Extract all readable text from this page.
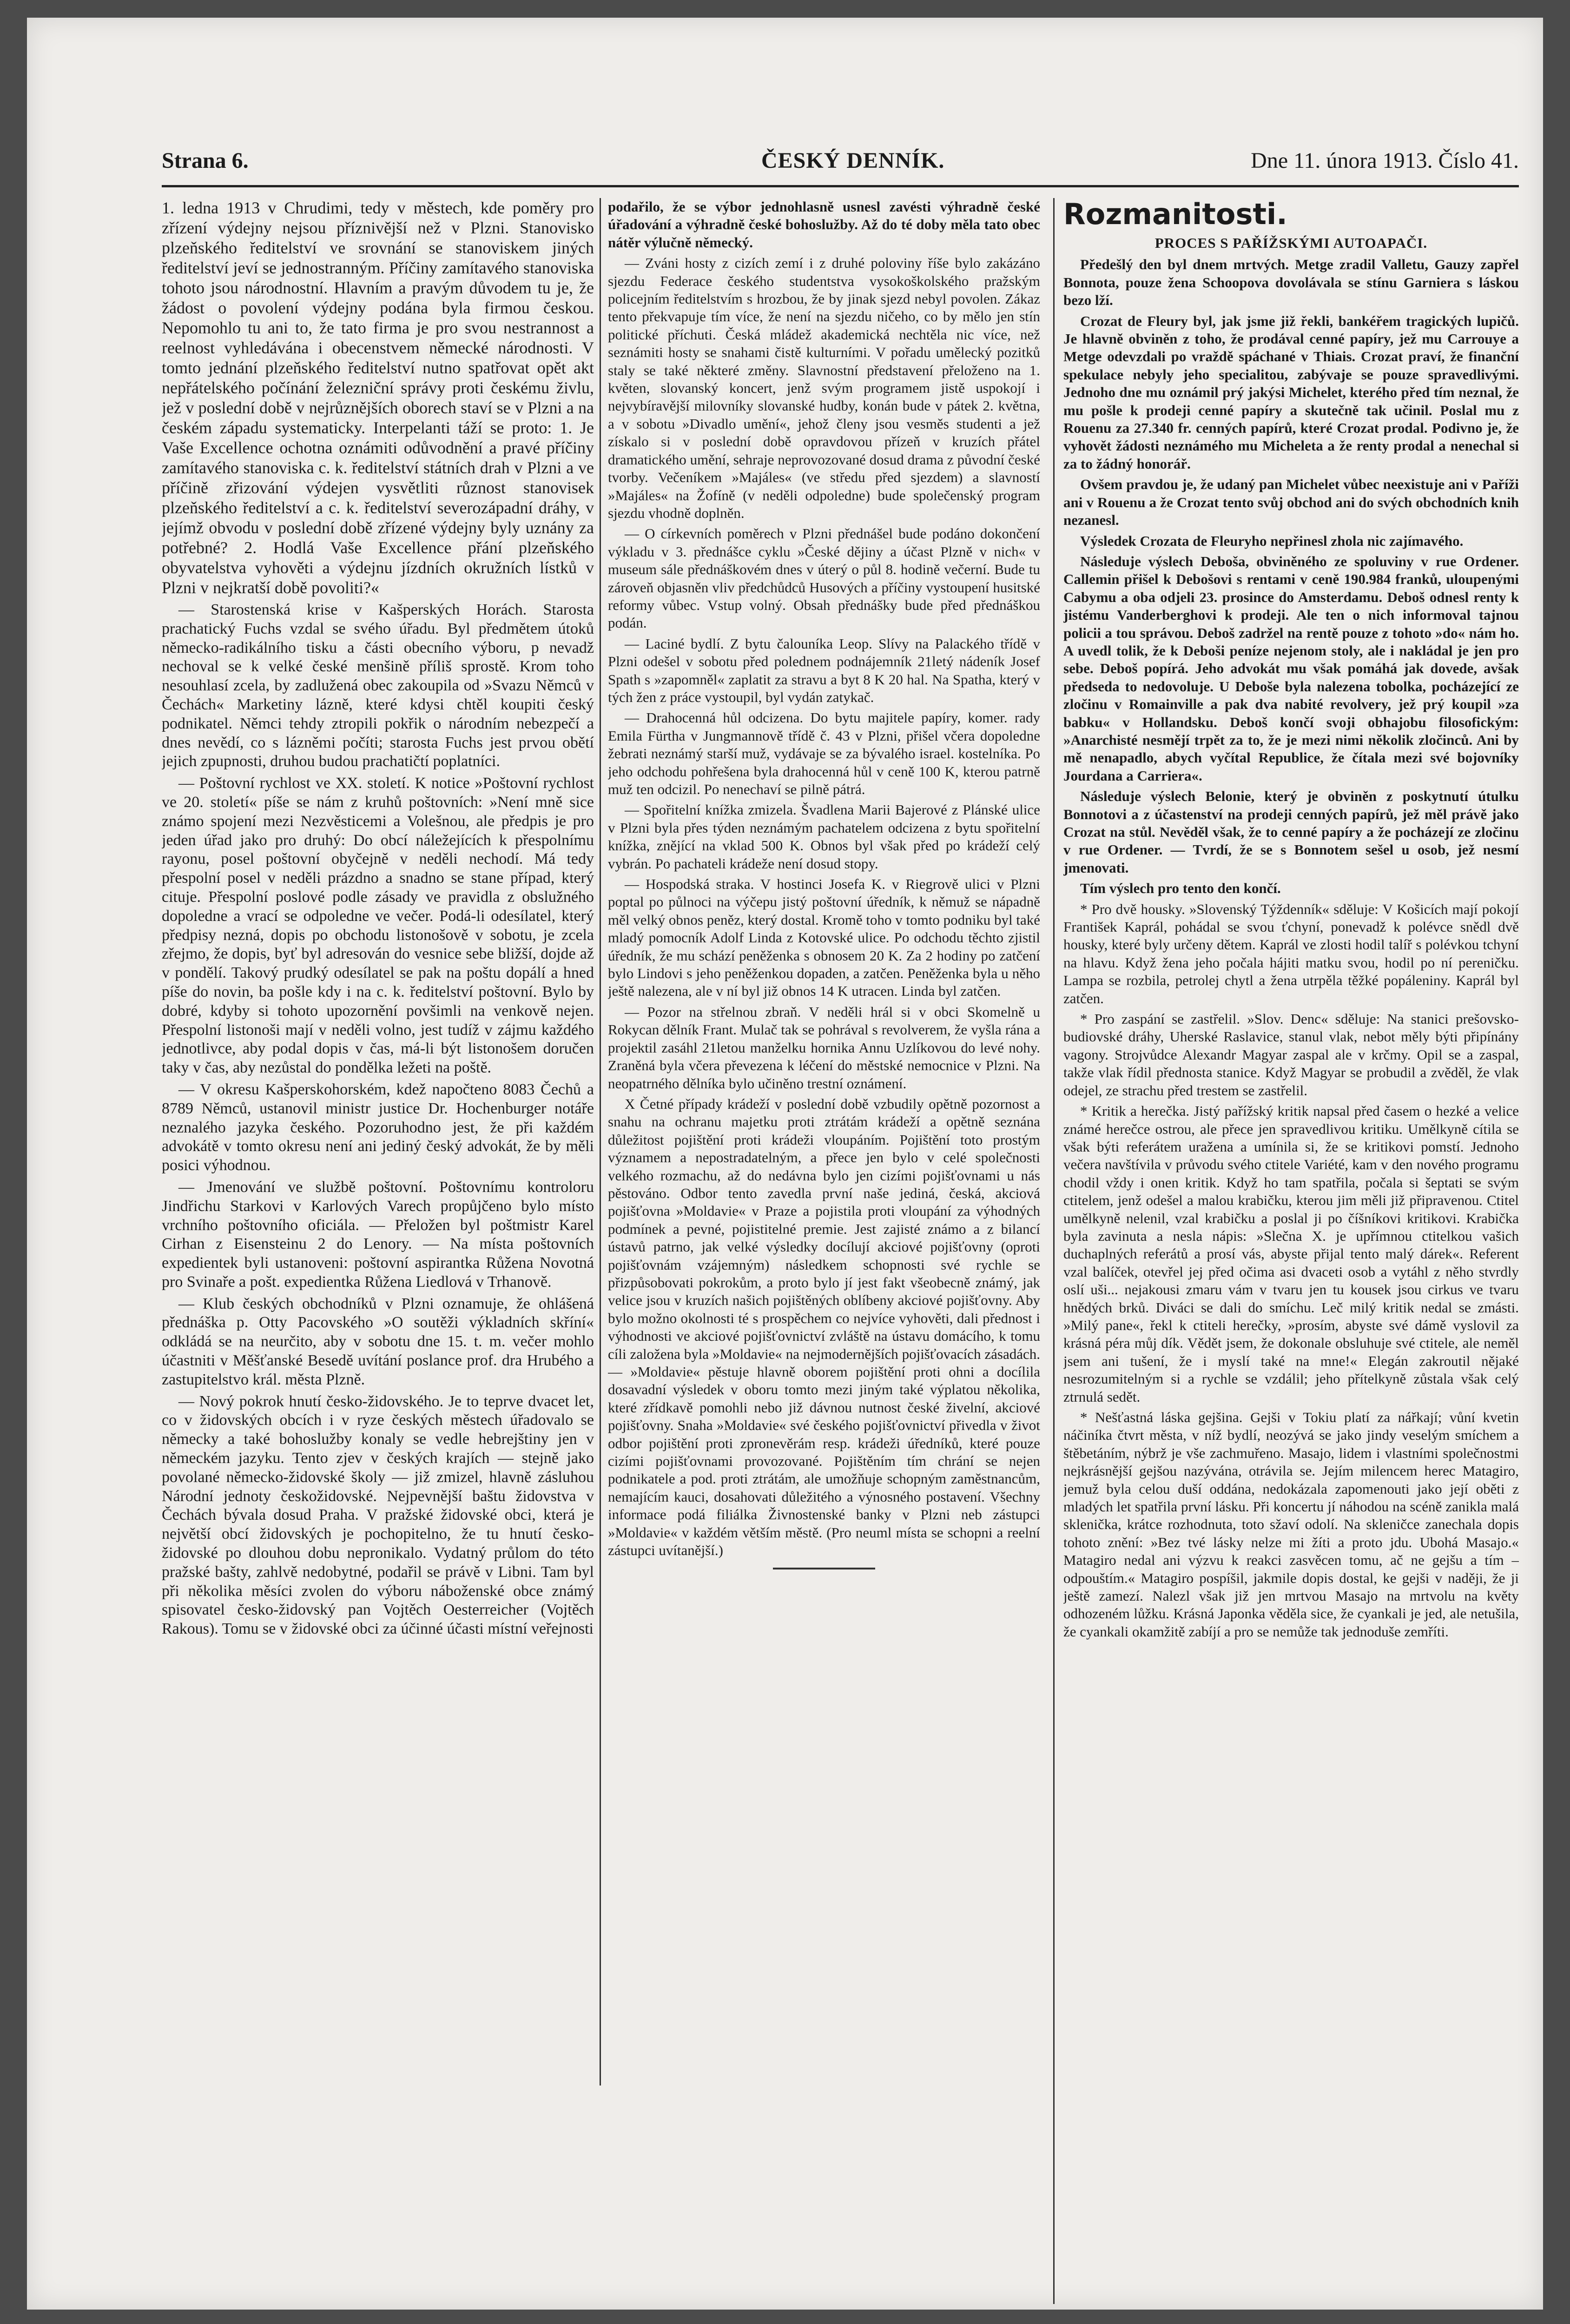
Strana 6.	ČESKÝ DENNÍK.	Dne 11. února 1913. Číslo 41.

1. ledna 1913 v Chrudimi, tedy v městech, kde poměry pro zřízení výdejny nejsou příznivější než v Plzni. Stanovisko plzeňského ředitelství ve srovnání se stanoviskem jiných ředitelství jeví se jednostranným. Příčiny zamítavého stanoviska tohoto jsou národnostní. Hlavním a pravým důvodem tu je, že žádost o povolení výdejny podána byla firmou českou. Nepomohlo tu ani to, že tato firma je pro svou nestrannost a reelnost vyhledávána i obecenstvem německé národnosti. V tomto jednání plzeňského ředitelství nutno spatřovat opět akt nepřátelského počínání železniční správy proti českému živlu, jež v poslední době v nejrůznějších oborech staví se v Plzni a na českém západu systematicky. Interpelanti táží se proto: 1. Je Vaše Excellence ochotna oznámiti odůvodnění a pravé příčiny zamítavého stanoviska c. k. ředitelství státních drah v Plzni a ve příčině zřizování výdejen vysvětliti různost stanovisek plzeňského ředitelství a c. k. ředitelství severozápadní dráhy, v jejímž obvodu v poslední době zřízené výdejny byly uznány za potřebné? 2. Hodlá Vaše Excellence přání plzeňského obyvatelstva vyhověti a výdejnu jízdních okružních lístků v Plzni v nejkratší době povoliti?«

— Starostenská krise v Kašperských Horách. Starosta prachatický Fuchs vzdal se svého úřadu. Byl předmětem útoků německo-radikálního tisku a části obecního výboru, p nevadž nechoval se k velké české menšině příliš sprostě. Krom toho nesouhlasí zcela, by zadlužená obec zakoupila od »Svazu Němců v Čechách« Marketiny lázně, které kdysi chtěl koupiti český podnikatel. Němci tehdy ztropili pokřik o národním nebezpečí a dnes nevědí, co s lázněmi počíti; starosta Fuchs jest prvou obětí jejich zpupnosti, druhou budou prachatičtí poplatníci.

— Poštovní rychlost ve XX. století. K notice »Poštovní rychlost ve 20. století« píše se nám z kruhů poštovních: »Není mně sice známo spojení mezi Nezvěsticemi a Volešnou, ale předpis je pro jeden úřad jako pro druhý: Do obcí náležejících k přespolnímu rayonu, posel poštovní obyčejně v neděli nechodí. Má tedy přespolní posel v neděli prázdno a snadno se stane případ, který cituje. Přespolní poslové podle zásady ve pravidla z obslužného dopoledne a vrací se odpoledne ve večer. Podá-li odesílatel, který předpisy nezná, dopis po obchodu listonošově v sobotu, je zcela zřejmo, že dopis, byť byl adresován do vesnice sebe bližší, dojde až v pondělí. Takový prudký odesílatel se pak na poštu dopálí a hned píše do novin, ba pošle kdy i na c. k. ředitelství poštovní. Bylo by dobré, kdyby si tohoto upozornění povšimli na venkově nejen. Přespolní listonoši mají v neděli volno, jest tudíž v zájmu každého jednotlivce, aby podal dopis v čas, má-li být listonošem doručen taky v čas, aby nezůstal do pondělka ležeti na poště.

— V okresu Kašperskohorském, kdež napočteno 8083 Čechů a 8789 Němců, ustanovil ministr justice Dr. Hochenburger notáře neznalého jazyka českého. Pozoruhodno jest, že při každém advokátě v tomto okresu není ani jediný český advokát, že by měli posici výhodnou.

— Jmenování ve službě poštovní. Poštovnímu kontroloru Jindřichu Starkovi v Karlových Varech propůjčeno bylo místo vrchního poštovního oficiála. — Přeložen byl poštmistr Karel Cirhan z Eisensteinu 2 do Lenory. — Na místa poštovních expedientek byli ustanoveni: poštovní aspirantka Růžena Novotná pro Svinaře a pošt. expedientka Růžena Liedlová v Trhanově.

— Klub českých obchodníků v Plzni oznamuje, že ohlášená přednáška p. Otty Pacovského »O soutěži výkladních skříní« odkládá se na neurčito, aby v sobotu dne 15. t. m. večer mohlo účastniti v Měšťanské Besedě uvítání poslance prof. dra Hrubého a zastupitelstvo král. města Plzně.

— Nový pokrok hnutí česko-židovského. Je to teprve dvacet let, co v židovských obcích i v ryze českých městech úřadovalo se německy a také bohoslužby konaly se vedle hebrejštiny jen v německém jazyku. Tento zjev v českých krajích — stejně jako povolané německo-židovské školy — již zmizel, hlavně zásluhou Národní jednoty českožidovské. Nejpevnější baštu židovstva v Čechách bývala dosud Praha. V pražské židovské obci, která je největší obcí židovských je pochopitelno, že tu hnutí česko-židovské po dlouhou dobu nepronikalo. Vydatný průlom do této pražské bašty, zahlvě nedobytné, podařil se právě v Libni. Tam byl při několika měsíci zvolen do výboru náboženské obce známý spisovatel česko-židovský pan Vojtěch Oesterreicher (Vojtěch Rakous). Tomu se v židovské obci za účinné účasti místní veřejnosti

podařilo, že se výbor jednohlasně usnesl zavésti výhradně české úřadování a výhradně české bohoslužby. Až do té doby měla tato obec nátěr výlučně německý.

— Zváni hosty z cizích zemí i z druhé poloviny říše bylo zakázáno sjezdu Federace českého studentstva vysokoškolského pražským policejním ředitelstvím s hrozbou, že by jinak sjezd nebyl povolen. Zákaz tento překvapuje tím více, že není na sjezdu ničeho, co by mělo jen stín politické příchuti. Česká mládež akademická nechtěla nic více, než seznámiti hosty se snahami čistě kulturními. V pořadu umělecký pozitků staly se také některé změny. Slavnostní představení přeloženo na 1. květen, slovanský koncert, jenž svým programem jistě uspokojí i nejvybíravější milovníky slovanské hudby, konán bude v pátek 2. května, a v sobotu »Divadlo umění«, jehož členy jsou vesměs studenti a jež získalo si v poslední době opravdovou přízeň v kruzích přátel dramatického umění, sehraje neprovozované dosud drama z původní české tvorby. Večeníkem »Majáles« (ve středu před sjezdem) a slavností »Majáles« na Žofíně (v neděli odpoledne) bude společenský program sjezdu vhodně doplněn.

— O církevních poměrech v Plzni přednášel bude podáno dokončení výkladu v 3. přednášce cyklu »České dějiny a účast Plzně v nich« v museum sále přednáškovém dnes v úterý o půl 8. hodině večerní. Bude tu zároveň objasněn vliv předchůdců Husových a příčiny vystoupení husitské reformy vůbec. Vstup volný. Obsah přednášky bude před přednáškou podán.

— Laciné bydlí. Z bytu čalouníka Leop. Slívy na Palackého třídě v Plzni odešel v sobotu před polednem podnájemník 21letý nádeník Josef Spath s »zapomněl« zaplatit za stravu a byt 8 K 20 hal. Na Spatha, který v tých žen z práce vystoupil, byl vydán zatykač.

— Drahocenná hůl odcizena. Do bytu majitele papíry, komer. rady Emila Fürtha v Jungmannově třídě č. 43 v Plzni, přišel včera dopoledne žebrati neznámý starší muž, vydávaje se za bývalého israel. kostelníka. Po jeho odchodu pohřešena byla drahocenná hůl v ceně 100 K, kterou patrně muž ten odcizil. Po nenechaví se pilně pátrá.

— Spořitelní knížka zmizela. Švadlena Marii Bajerové z Plánské ulice v Plzni byla přes týden neznámým pachatelem odcizena z bytu spořitelní knížka, znějící na vklad 500 K. Obnos byl však před po krádeží celý vybrán. Po pachateli krádeže není dosud stopy.

— Hospodská straka. V hostinci Josefa K. v Riegrově ulici v Plzni poptal po půlnoci na výčepu jistý poštovní úředník, k němuž se nápadně měl velký obnos peněz, který dostal. Kromě toho v tomto podniku byl také mladý pomocník Adolf Linda z Kotovské ulice. Po odchodu těchto zjistil úředník, že mu schází peněženka s obnosem 20 K. Za 2 hodiny po zatčení bylo Lindovi s jeho peněženkou dopaden, a zatčen. Peněženka byla u něho ještě nalezena, ale v ní byl již obnos 14 K utracen. Linda byl zatčen.

— Pozor na střelnou zbraň. V neděli hrál si v obci Skomelně u Rokycan dělník Frant. Mulač tak se pohrával s revolverem, že vyšla rána a projektil zasáhl 21letou manželku hornika Annu Uzlíkovou do levé nohy. Zraněná byla včera převezena k léčení do městské nemocnice v Plzni. Na neopatrného dělníka bylo učiněno trestní oznámení.

X Četné případy krádeží v poslední době vzbudily opětně pozornost a snahu na ochranu majetku proti ztrátám krádeží a opětně seznána důležitost pojištění proti krádeži vloupáním. Pojištění toto prostým významem a nepostradatelným, a přece jen bylo v celé společnosti velkého rozmachu, až do nedávna bylo jen cizími pojišťovnami u nás pěstováno. Odbor tento zavedla první naše jediná, česká, akciová pojišťovna »Moldavie« v Praze a pojistila proti vloupání za výhodných podmínek a pevné, pojistitelné premie. Jest zajisté známo a z bilancí ústavů patrno, jak velké výsledky docílují akciové pojišťovny (oproti pojišťovnám vzájemným) následkem schopnosti své rychle se přizpůsobovati pokrokům, a proto bylo jí jest fakt všeobecně známý, jak velice jsou v kruzích našich pojištěných oblíbeny akciové pojišťovny. Aby bylo možno okolnosti té s prospěchem co nejvíce vyhověti, dali přednost i výhodnosti ve akciové pojišťovnictví zvláště na ústavu domácího, k tomu cíli založena byla »Moldavie« na nejmodernějších pojišťovacích zásadách. — »Moldavie« pěstuje hlavně oborem pojištění proti ohni a docílila dosavadní výsledek v oboru tomto mezi jiným také výplatou několika, které zřídkavě pomohli nebo již dávnou nutnost české živelní, akciové pojišťovny. Snaha »Moldavie« své českého pojišťovnictví přivedla v život odbor pojištění proti zpronevěrám resp. krádeži úředníků, které pouze cizími pojišťovnami provozované. Pojištěním tím chrání se nejen podnikatele a pod. proti ztrátám, ale umožňuje schopným zaměstnancům, nemajícím kauci, dosahovati důležitého a výnosného postavení. Všechny informace podá filiálka Živnostenské banky v Plzni neb zástupci »Moldavie« v každém větším městě. (Pro neuml místa se schopni a reelní zástupci uvítanější.)

Rozmanitosti.

PROCES S PAŘÍŽSKÝMI AUTOAPAČI.

Předešlý den byl dnem mrtvých. Metge zradil Valletu, Gauzy zapřel Bonnota, pouze žena Schoopova dovolávala se stínu Garniera s láskou bezo lží.

Crozat de Fleury byl, jak jsme již řekli, bankéřem tragických lupičů. Je hlavně obviněn z toho, že prodával cenné papíry, jež mu Carrouye a Metge odevzdali po vraždě spáchané v Thiais. Crozat praví, že finanční spekulace nebyly jeho specialitou, zabývaje se pouze spravedlivými. Jednoho dne mu oznámil prý jakýsi Michelet, kterého před tím neznal, že mu pošle k prodeji cenné papíry a skutečně tak učinil. Poslal mu z Rouenu za 27.340 fr. cenných papírů, které Crozat prodal. Podivno je, že vyhovět žádosti neznámého mu Micheleta a že renty prodal a nenechal si za to žádný honorář.

Ovšem pravdou je, že udaný pan Michelet vůbec neexistuje ani v Paříži ani v Rouenu a že Crozat tento svůj obchod ani do svých obchodních knih nezanesl.

Výsledek Crozata de Fleuryho nepřinesl zhola nic zajímavého.

Následuje výslech Deboša, obviněného ze spoluviny v rue Ordener. Callemin přišel k Debošovi s rentami v ceně 190.984 franků, uloupenými Cabymu a oba odjeli 23. prosince do Amsterdamu. Deboš odnesl renty k jistému Vanderberghovi k prodeji. Ale ten o nich informoval tajnou policii a tou správou. Deboš zadržel na rentě pouze z tohoto »do« nám ho. A uvedl tolik, že k Deboši peníze nejenom stoly, ale i nakládal je jen pro sebe. Deboš popírá. Jeho advokát mu však pomáhá jak dovede, avšak předseda to nedovoluje. U Deboše byla nalezena tobolka, pocházející ze zločinu v Romainville a pak dva nabité revolvery, jež prý koupil »za babku« v Hollandsku. Deboš končí svoji obhajobu filosofickým: »Anarchisté nesmějí trpět za to, že je mezi nimi několik zločinců. Ani by mě nenapadlo, abych vyčítal Republice, že čítala mezi své bojovníky Jourdana a Carriera«.

Následuje výslech Belonie, který je obviněn z poskytnutí útulku Bonnotovi a z účastenství na prodeji cenných papírů, jež měl právě jako Crozat na stůl. Nevěděl však, že to cenné papíry a že pocházejí ze zločinu v rue Ordener. — Tvrdí, že se s Bonnotem sešel u osob, jež nesmí jmenovati.

Tím výslech pro tento den končí.

* Pro dvě housky. »Slovenský Týždenník« sděluje: V Košicích mají pokojí František Kaprál, pohádal se svou ťchyní, ponevadž k polévce snědl dvě housky, které byly určeny dětem. Kaprál ve zlosti hodil talíř s polévkou tchyní na hlavu. Když žena jeho počala hájiti matku svou, hodil po ní pereničku. Lampa se rozbila, petrolej chytl a žena utrpěla těžké popáleniny. Kaprál byl zatčen.

* Pro zaspání se zastřelil. »Slov. Denc« sděluje: Na stanici prešovsko-budiovské dráhy, Uherské Raslavice, stanul vlak, nebot měly býti připínány vagony. Strojvůdce Alexandr Magyar zaspal ale v krčmy. Opil se a zaspal, takže vlak řídil přednosta stanice. Když Magyar se probudil a zvěděl, že vlak odejel, ze strachu před trestem se zastřelil.

* Kritik a herečka. Jistý pařížský kritik napsal před časem o hezké a velice známé herečce ostrou, ale přece jen spravedlivou kritiku. Umělkyně cítila se však býti referátem uražena a umínila si, že se kritikovi pomstí. Jednoho večera navštívila v průvodu svého ctitele Variété, kam v den nového programu chodil vždy i onen kritik. Když ho tam spatřila, počala si šeptati se svým ctitelem, jenž odešel a malou krabičku, kterou jim měli již připravenou. Ctitel umělkyně nelenil, vzal krabičku a poslal ji po číšníkovi kritikovi. Krabička byla zavinuta a nesla nápis: »Slečna X. je upřímnou ctitelkou vašich duchaplných referátů a prosí vás, abyste přijal tento malý dárek«. Referent vzal balíček, otevřel jej před očima asi dvaceti osob a vytáhl z něho stvrdly oslí uši... nejakousi zmaru vám v tvaru jen tu kousek jsou cirkus ve tvaru hnědých brků. Diváci se dali do smíchu. Leč milý kritik nedal se zmásti. »Milý pane«, řekl k ctiteli herečky, »prosím, abyste své dámě vyslovil za krásná péra můj dík. Vědět jsem, že dokonale obsluhuje své ctitele, ale neměl jsem ani tušení, že i myslí také na mne!« Elegán zakroutil nějaké nesrozumitelným si a rychle se vzdálil; jeho přítelkyně zůstala však celý ztrnulá sedět.

* Nešťastná láska gejšina. Gejši v Tokiu platí za nářkají; vůní kvetin náčiníka čtvrt města, v níž bydlí, neozývá se jako jindy veselým smíchem a štěbetáním, nýbrž je vše zachmuřeno. Masajo, lidem i vlastními společnostmi nejkrásnější gejšou nazývána, otrávila se. Jejím milencem herec Matagiro, jemuž byla celou duší oddána, nedokázala zapomenouti jako její oběti z mladých let spatřila první lásku. Při koncertu jí náhodou na scéně zanikla malá sklenička, krátce rozhodnuta, toto sžaví odolí. Na skleničce zanechala dopis tohoto znění: »Bez tvé lásky nelze mi žíti a proto jdu. Ubohá Masajo.« Matagiro nedal ani výzvu k reakci zasvěcen tomu, ač ne gejšu a tím – odpouštím.« Matagiro pospíšil, jakmile dopis dostal, ke gejši v naději, že ji ještě zamezí. Nalezl však již jen mrtvou Masajo na mrtvolu na květy odhozeném lůžku. Krásná Japonka věděla sice, že cyankali je jed, ale netušila, že cyankali okamžitě zabíjí a pro se nemůže tak jednoduše zemříti.
